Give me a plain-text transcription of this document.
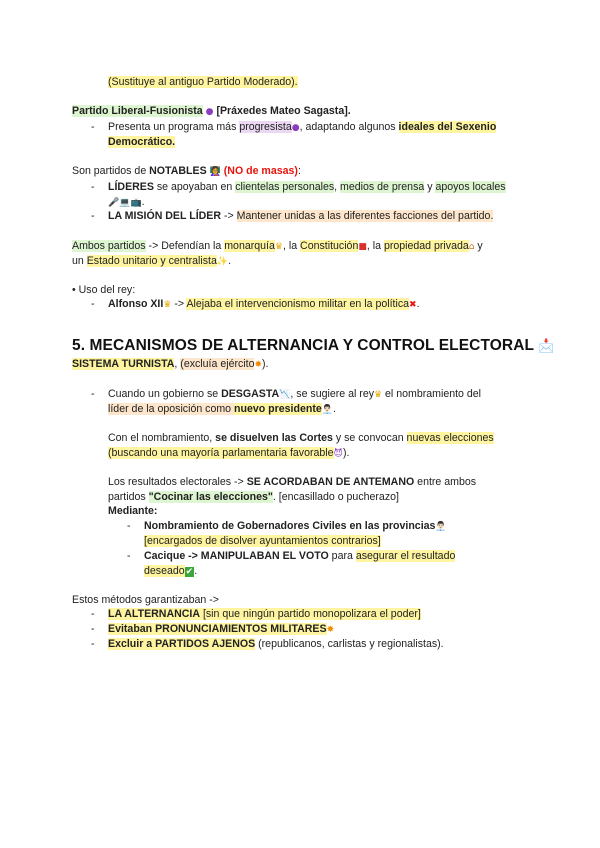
(Sustituye al antiguo Partido Moderado).
Partido Liberal-Fusionista ● [Práxedes Mateo Sagasta].
- Presenta un programa más progresista●, adaptando algunos ideales del Sexenio
Democrático.
Son partidos de NOTABLES 👩‍🏫 (NO de masas):
- LÍDERES se apoyaban en clientelas personales, medios de prensa y apoyos locales
🎤💻📺.
- LA MISIÓN DEL LÍDER -> Mantener unidas a las diferentes facciones del partido.
Ambos partidos -> Defendían la monarquía♛, la Constitución■, la propiedad privada⌂ y
un Estado unitario y centralista✨.
• Uso del rey:
- Alfonso XII♛ -> Alejaba el intervencionismo militar en la política✖.
5. MECANISMOS DE ALTERNANCIA Y CONTROL ELECTORAL 📩
SISTEMA TURNISTA, (excluía ejército✸).
- Cuando un gobierno se DESGASTA📉, se sugiere al rey♛ el nombramiento del
líder de la oposición como nuevo presidente👨🏻‍💼.
Con el nombramiento, se disuelven las Cortes y se convocan nuevas elecciones
(buscando una mayoría parlamentaria favorable😈).
Los resultados electorales -> SE ACORDABAN DE ANTEMANO entre ambos
partidos "Cocinar las elecciones". [encasillado o pucherazo]
Mediante:
- Nombramiento de Gobernadores Civiles en las provincias👨🏻‍💼
[encargados de disolver ayuntamientos contrarios]
- Cacique -> MANIPULABAN EL VOTO para asegurar el resultado
deseado✔.
Estos métodos garantizaban ->
- LA ALTERNANCIA [sin que ningún partido monopolizara el poder]
- Evitaban PRONUNCIAMIENTOS MILITARES✸
- Excluir a PARTIDOS AJENOS (republicanos, carlistas y regionalistas).
